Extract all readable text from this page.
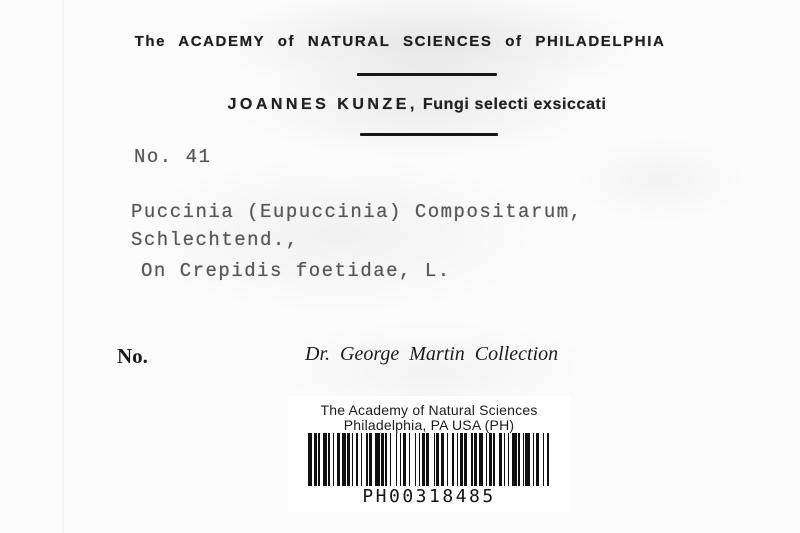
The ACADEMY of NATURAL SCIENCES of PHILADELPHIA
JOANNES KUNZE, Fungi selecti exsiccati
No. 41
Puccinia (Eupuccinia) Compositarum,
Schlechtend.,
On Crepidis foetidae, L.
No.	Dr. George Martin Collection
The Academy of Natural Sciences
Philadelphia, PA USA (PH)
PH00318485
